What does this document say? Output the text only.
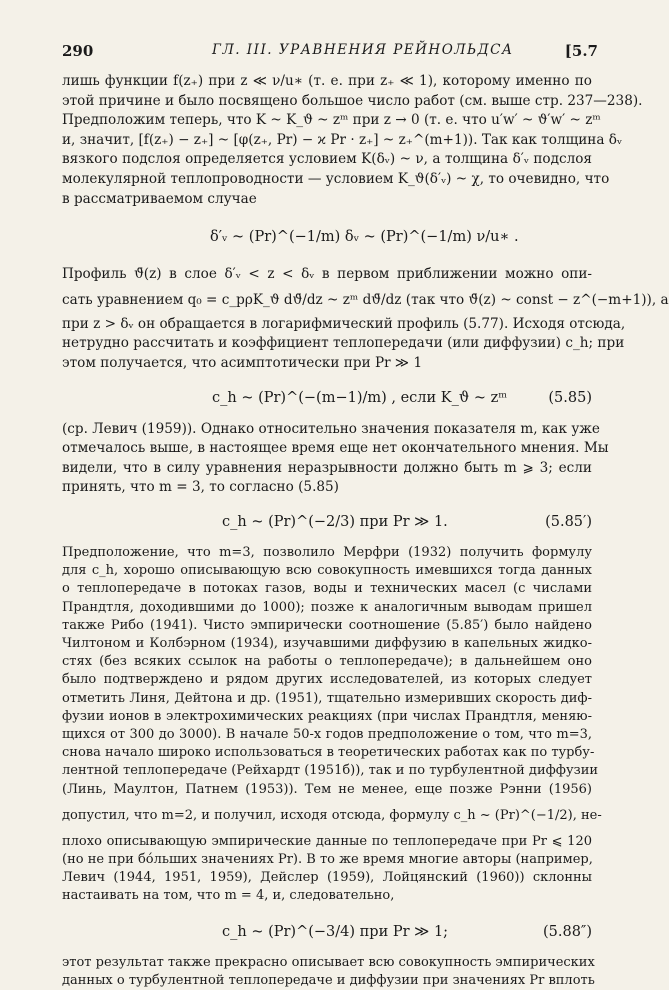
290	ГЛ. III. УРАВНЕНИЯ РЕЙНОЛЬДСА	[5.7
лишь функции f(z₊) при z ≪ ν/u∗ (т. е. при z₊ ≪ 1), которому именно по
этой причине и было посвящено большое число работ (см. выше стр. 237—238).
Предположим теперь, что K ~ K_ϑ ~ zᵐ при z → 0 (т. е. что u′w′ ~ ϑ′w′ ~ zᵐ
и, значит, [f(z₊) − z₊] ~ [φ(z₊, Pr) − ϰ Pr · z₊] ~ z₊^(m+1)). Так как толщина δᵥ
вязкого подслоя определяется условием K(δᵥ) ~ ν, а толщина δ′ᵥ подслоя
молекулярной теплопроводности — условием K_ϑ(δ′ᵥ) ~ χ, то очевидно, что
в рассматриваемом случае
δ′ᵥ ~ (Pr)^(−1/m) δᵥ ~ (Pr)^(−1/m) ν/u∗ .
Профиль ϑ̄(z) в слое δ′ᵥ < z < δᵥ в первом приближении можно опи-
сать уравнением q₀ = c_pρK_ϑ dϑ̄/dz ~ zᵐ dϑ̄/dz (так что ϑ̄(z) ~ const − z^(−m+1)), а
при z > δᵥ он обращается в логарифмический профиль (5.77). Исходя отсюда,
нетрудно рассчитать и коэффициент теплопередачи (или диффузии) c_h; при
этом получается, что асимптотически при Pr ≫ 1
c_h ~ (Pr)^(−(m−1)/m) , если K_ϑ ~ zᵐ	(5.85)
(ср. Левич (1959)). Однако относительно значения показателя m, как уже
отмечалось выше, в настоящее время еще нет окончательного мнения. Мы
видели, что в силу уравнения неразрывности должно быть m ⩾ 3; если
принять, что m = 3, то согласно (5.85)
c_h ~ (Pr)^(−2/3) при Pr ≫ 1.	(5.85′)
Предположение, что m=3, позволило Мерфри (1932) получить формулу
для c_h, хорошо описывающую всю совокупность имевшихся тогда данных
о теплопередаче в потоках газов, воды и технических масел (с числами
Прандтля, доходившими до 1000); позже к аналогичным выводам пришел
также Рибо (1941). Чисто эмпирически соотношение (5.85′) было найдено
Чилтоном и Колбэрном (1934), изучавшими диффузию в капельных жидко-
стях (без всяких ссылок на работы о теплопередаче); в дальнейшем оно
было подтверждено и рядом других исследователей, из которых следует
отметить Линя, Дейтона и др. (1951), тщательно измеривших скорость диф-
фузии ионов в электрохимических реакциях (при числах Прандтля, меняю-
щихся от 300 до 3000). В начале 50-х годов предположение о том, что m=3,
снова начало широко использоваться в теоретических работах как по турбу-
лентной теплопередаче (Рейхардт (1951б)), так и по турбулентной диффузии
(Линь, Маултон, Патнем (1953)). Тем не менее, еще позже Рэнни (1956)
допустил, что m=2, и получил, исходя отсюда, формулу c_h ~ (Pr)^(−1/2), не-
плохо описывающую эмпирические данные по теплопередаче при Pr ⩽ 120
(но не при бо́льших значениях Pr). В то же время многие авторы (например,
Левич (1944, 1951, 1959), Дейслер (1959), Лойцянский (1960)) склонны
настаивать на том, что m = 4, и, следовательно,
c_h ~ (Pr)^(−3/4) при Pr ≫ 1;	(5.88″)
этот результат также прекрасно описывает всю совокупность эмпирических
данных о турбулентной теплопередаче и диффузии при значениях Pr вплоть
